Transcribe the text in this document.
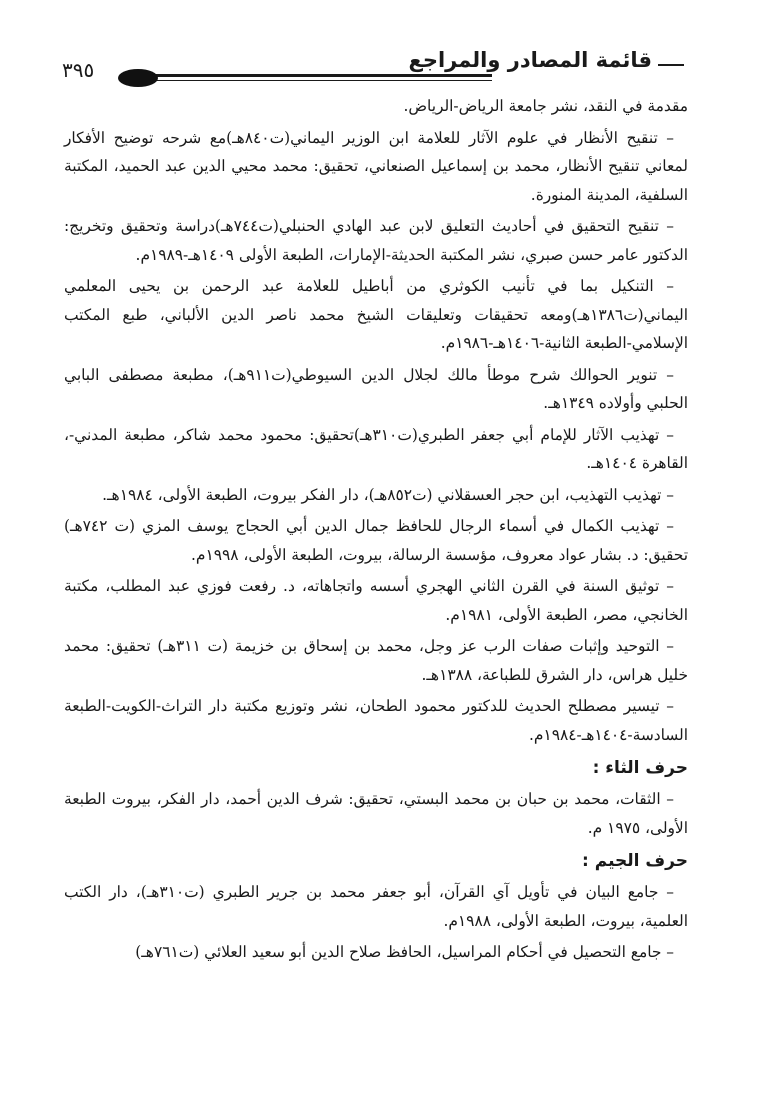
قائمة المصادر والمراجع
٣٩٥

مقدمة في النقد، نشر جامعة الرياض-الرياض.

– تنقيح الأنظار في علوم الآثار للعلامة ابن الوزير اليماني(ت٨٤٠هـ)مع شرحه توضيح الأفكار لمعاني تنقيح الأنظار، محمد بن إسماعيل الصنعاني، تحقيق: محمد محيي الدين عبد الحميد، المكتبة السلفية، المدينة المنورة.

– تنقيح التحقيق في أحاديث التعليق لابن عبد الهادي الحنبلي(ت٧٤٤هـ)دراسة وتحقيق وتخريج: الدكتور عامر حسن صبري، نشر المكتبة الحديثة-الإمارات، الطبعة الأولى ١٤٠٩هـ-١٩٨٩م.

– التنكيل بما في تأنيب الكوثري من أباطيل للعلامة عبد الرحمن بن يحيى المعلمي اليماني(ت١٣٨٦هـ)ومعه تحقيقات وتعليقات الشيخ محمد ناصر الدين الألباني، طبع المكتب الإسلامي-الطبعة الثانية-١٤٠٦هـ-١٩٨٦م.

– تنوير الحوالك شرح موطأ مالك لجلال الدين السيوطي(ت٩١١هـ)، مطبعة مصطفى البابي الحلبي وأولاده ١٣٤٩هـ.

– تهذيب الآثار للإمام أبي جعفر الطبري(ت٣١٠هـ)تحقيق: محمود محمد شاكر، مطبعة المدني-، القاهرة ١٤٠٤هـ.

– تهذيب التهذيب، ابن حجر العسقلاني (ت٨٥٢هـ)، دار الفكر بيروت، الطبعة الأولى، ١٩٨٤هـ.

– تهذيب الكمال في أسماء الرجال للحافظ جمال الدين أبي الحجاج يوسف المزي (ت ٧٤٢هـ) تحقيق: د. بشار عواد معروف، مؤسسة الرسالة، بيروت، الطبعة الأولى، ١٩٩٨م.

– توثيق السنة في القرن الثاني الهجري أسسه واتجاهاته، د. رفعت فوزي عبد المطلب، مكتبة الخانجي، مصر، الطبعة الأولى، ١٩٨١م.

– التوحيد وإثبات صفات الرب عز وجل، محمد بن إسحاق بن خزيمة (ت ٣١١هـ) تحقيق: محمد خليل هراس، دار الشرق للطباعة، ١٣٨٨هـ.

– تيسير مصطلح الحديث للدكتور محمود الطحان، نشر وتوزيع مكتبة دار التراث-الكويت-الطبعة السادسة-١٤٠٤هـ-١٩٨٤م.

حرف الثاء :

– الثقات، محمد بن حبان بن محمد البستي، تحقيق: شرف الدين أحمد، دار الفكر، بيروت الطبعة الأولى، ١٩٧٥ م.

حرف الجيم :

– جامع البيان في تأويل آي القرآن، أبو جعفر محمد بن جرير الطبري (ت٣١٠هـ)، دار الكتب العلمية، بيروت، الطبعة الأولى، ١٩٨٨م.

– جامع التحصيل في أحكام المراسيل، الحافظ صلاح الدين أبو سعيد العلائي (ت٧٦١هـ)
